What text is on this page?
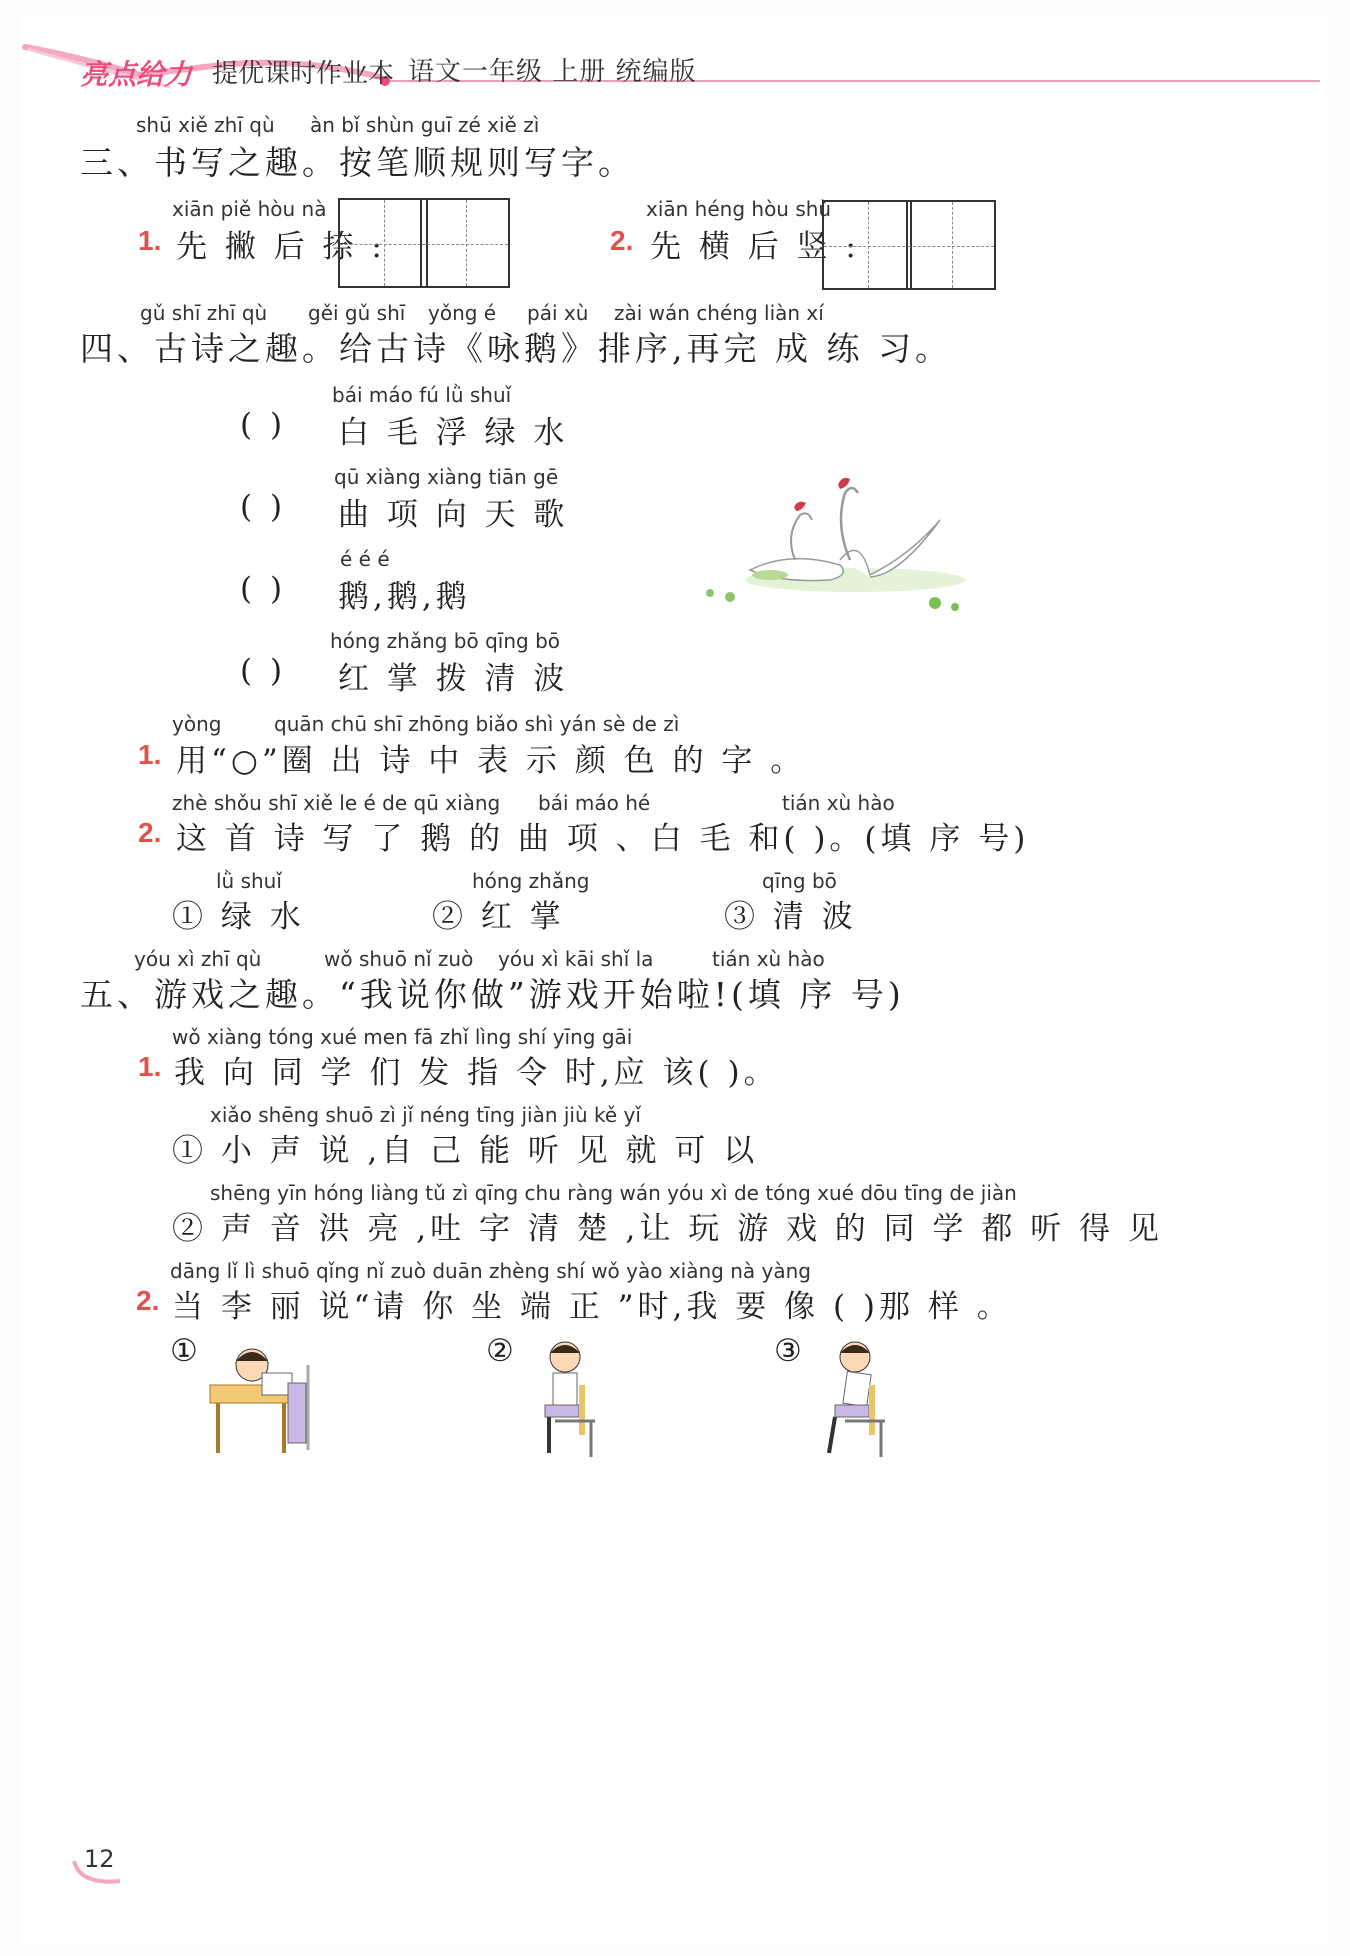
亮点给力 提优课时作业本 语文一年级 上册 统编版
shū xiě zhī qù àn bǐ shùn guī zé xiě zì
三、书写之趣。按笔顺规则写字。
xiān piě hòu nà
1. 先 撇 后 捺 :
xiān héng hòu shù
2. 先 横 后 竖 :
gǔ shī zhī qù gěi gǔ shī yǒng é pái xù zài wán chéng liàn xí
四、古诗之趣。给古诗《咏鹅》排序,再完 成 练 习。
bái máo fú lǜ shuǐ
( ) 白 毛 浮 绿 水
qū xiàng xiàng tiān gē
( ) 曲 项 向 天 歌
é é é
( ) 鹅,鹅,鹅
hóng zhǎng bō qīng bō
( ) 红 掌 拨 清 波
yòng	quān chū shī zhōng biǎo shì yán sè de zì
1. 用“○”圈 出 诗 中 表 示 颜 色 的 字 。
zhè shǒu shī xiě le é de qū xiàng bái máo hé	tián xù hào
2. 这 首 诗 写 了 鹅 的 曲 项 、白 毛 和( )。(填 序 号)
lǜ shuǐ
① 绿 水
hóng zhǎng
② 红 掌
qīng bō
③ 清 波
yóu xì zhī qù	wǒ shuō nǐ zuò yóu xì kāi shǐ la	tián xù hào
五、游戏之趣。“我说你做”游戏开始啦!(填 序 号)
wǒ xiàng tóng xué men fā zhǐ lìng shí yīng gāi
1. 我 向 同 学 们 发 指 令 时,应 该( )。
xiǎo shēng shuō zì jǐ néng tīng jiàn jiù kě yǐ
① 小 声 说 ,自 己 能 听 见 就 可 以
shēng yīn hóng liàng tǔ zì qīng chu ràng wán yóu xì de tóng xué dōu tīng de jiàn
② 声 音 洪 亮 ,吐 字 清 楚 ,让 玩 游 戏 的 同 学 都 听 得 见
dāng lǐ lì shuō qǐng nǐ zuò duān zhèng shí wǒ yào xiàng nà yàng
2. 当 李 丽 说“请 你 坐 端 正 ”时,我 要 像 ( )那 样 。
①	②	③
12
